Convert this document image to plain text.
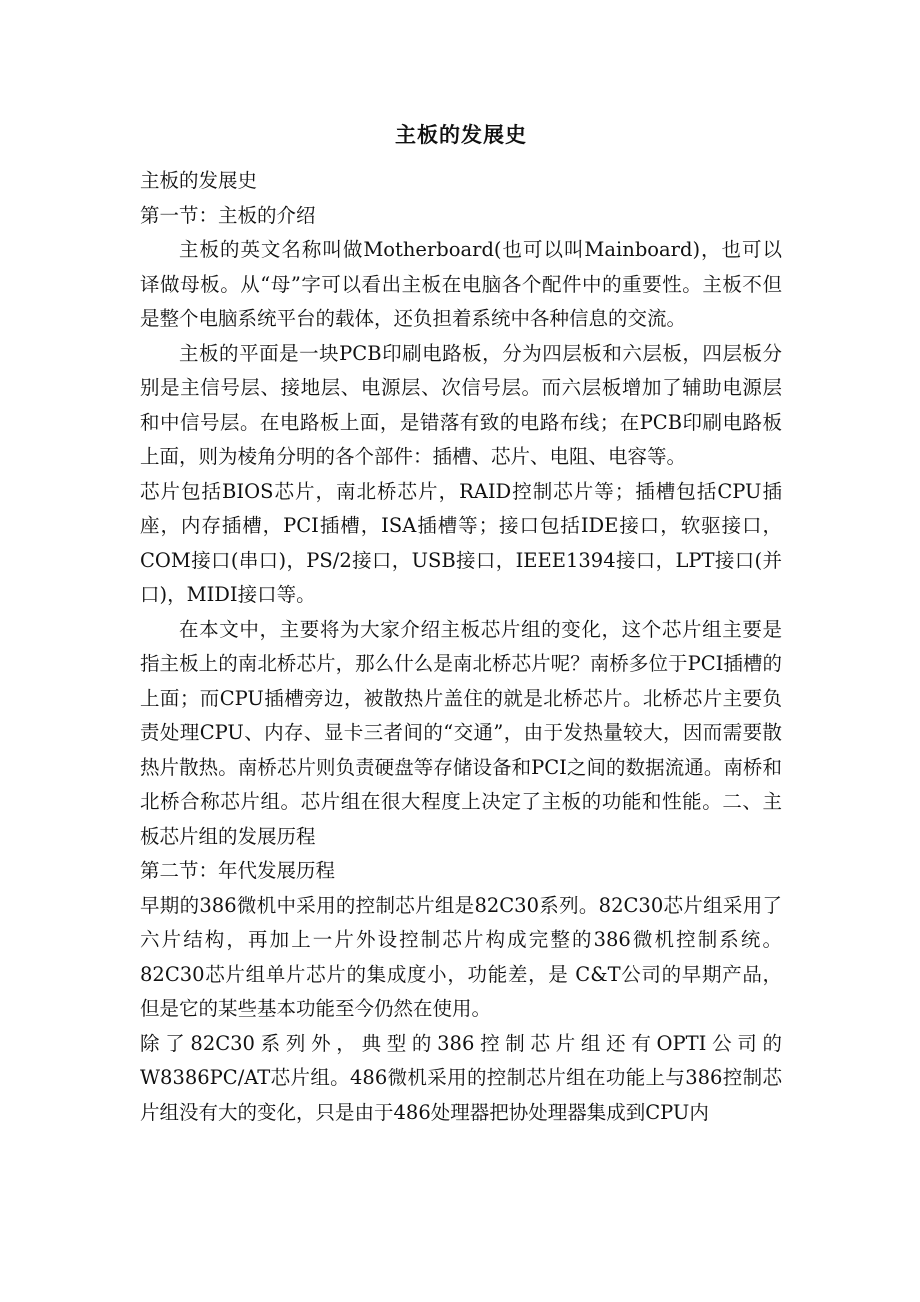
主板的发展史

主板的发展史

第一节：主板的介绍

主板的英文名称叫做Motherboard(也可以叫Mainboard)，也可以译做母板。从“母”字可以看出主板在电脑各个配件中的重要性。主板不但是整个电脑系统平台的载体，还负担着系统中各种信息的交流。

主板的平面是一块PCB印刷电路板，分为四层板和六层板，四层板分别是主信号层、接地层、电源层、次信号层。而六层板增加了辅助电源层和中信号层。在电路板上面，是错落有致的电路布线；在PCB印刷电路板上面，则为棱角分明的各个部件：插槽、芯片、电阻、电容等。

芯片包括BIOS芯片，南北桥芯片，RAID控制芯片等；插槽包括CPU插座，内存插槽，PCI插槽，ISA插槽等；接口包括IDE接口，软驱接口，COM接口(串口)，PS/2接口，USB接口，IEEE1394接口，LPT接口(并口)，MIDI接口等。

在本文中，主要将为大家介绍主板芯片组的变化，这个芯片组主要是指主板上的南北桥芯片，那么什么是南北桥芯片呢？南桥多位于PCI插槽的上面；而CPU插槽旁边，被散热片盖住的就是北桥芯片。北桥芯片主要负责处理CPU、内存、显卡三者间的“交通”，由于发热量较大，因而需要散热片散热。南桥芯片则负责硬盘等存储设备和PCI之间的数据流通。南桥和北桥合称芯片组。芯片组在很大程度上决定了主板的功能和性能。二、主板芯片组的发展历程

第二节：年代发展历程

早期的386微机中采用的控制芯片组是82C30系列。82C30芯片组采用了六片结构，再加上一片外设控制芯片构成完整的386微机控制系统。82C30芯片组单片芯片的集成度小，功能差，是 C&T公司的早期产品，但是它的某些基本功能至今仍然在使用。

除了82C30系列外，典型的386控制芯片组还有OPTI公司的W8386PC/AT芯片组。486微机采用的控制芯片组在功能上与386控制芯片组没有大的变化，只是由于486处理器把协处理器集成到CPU内
